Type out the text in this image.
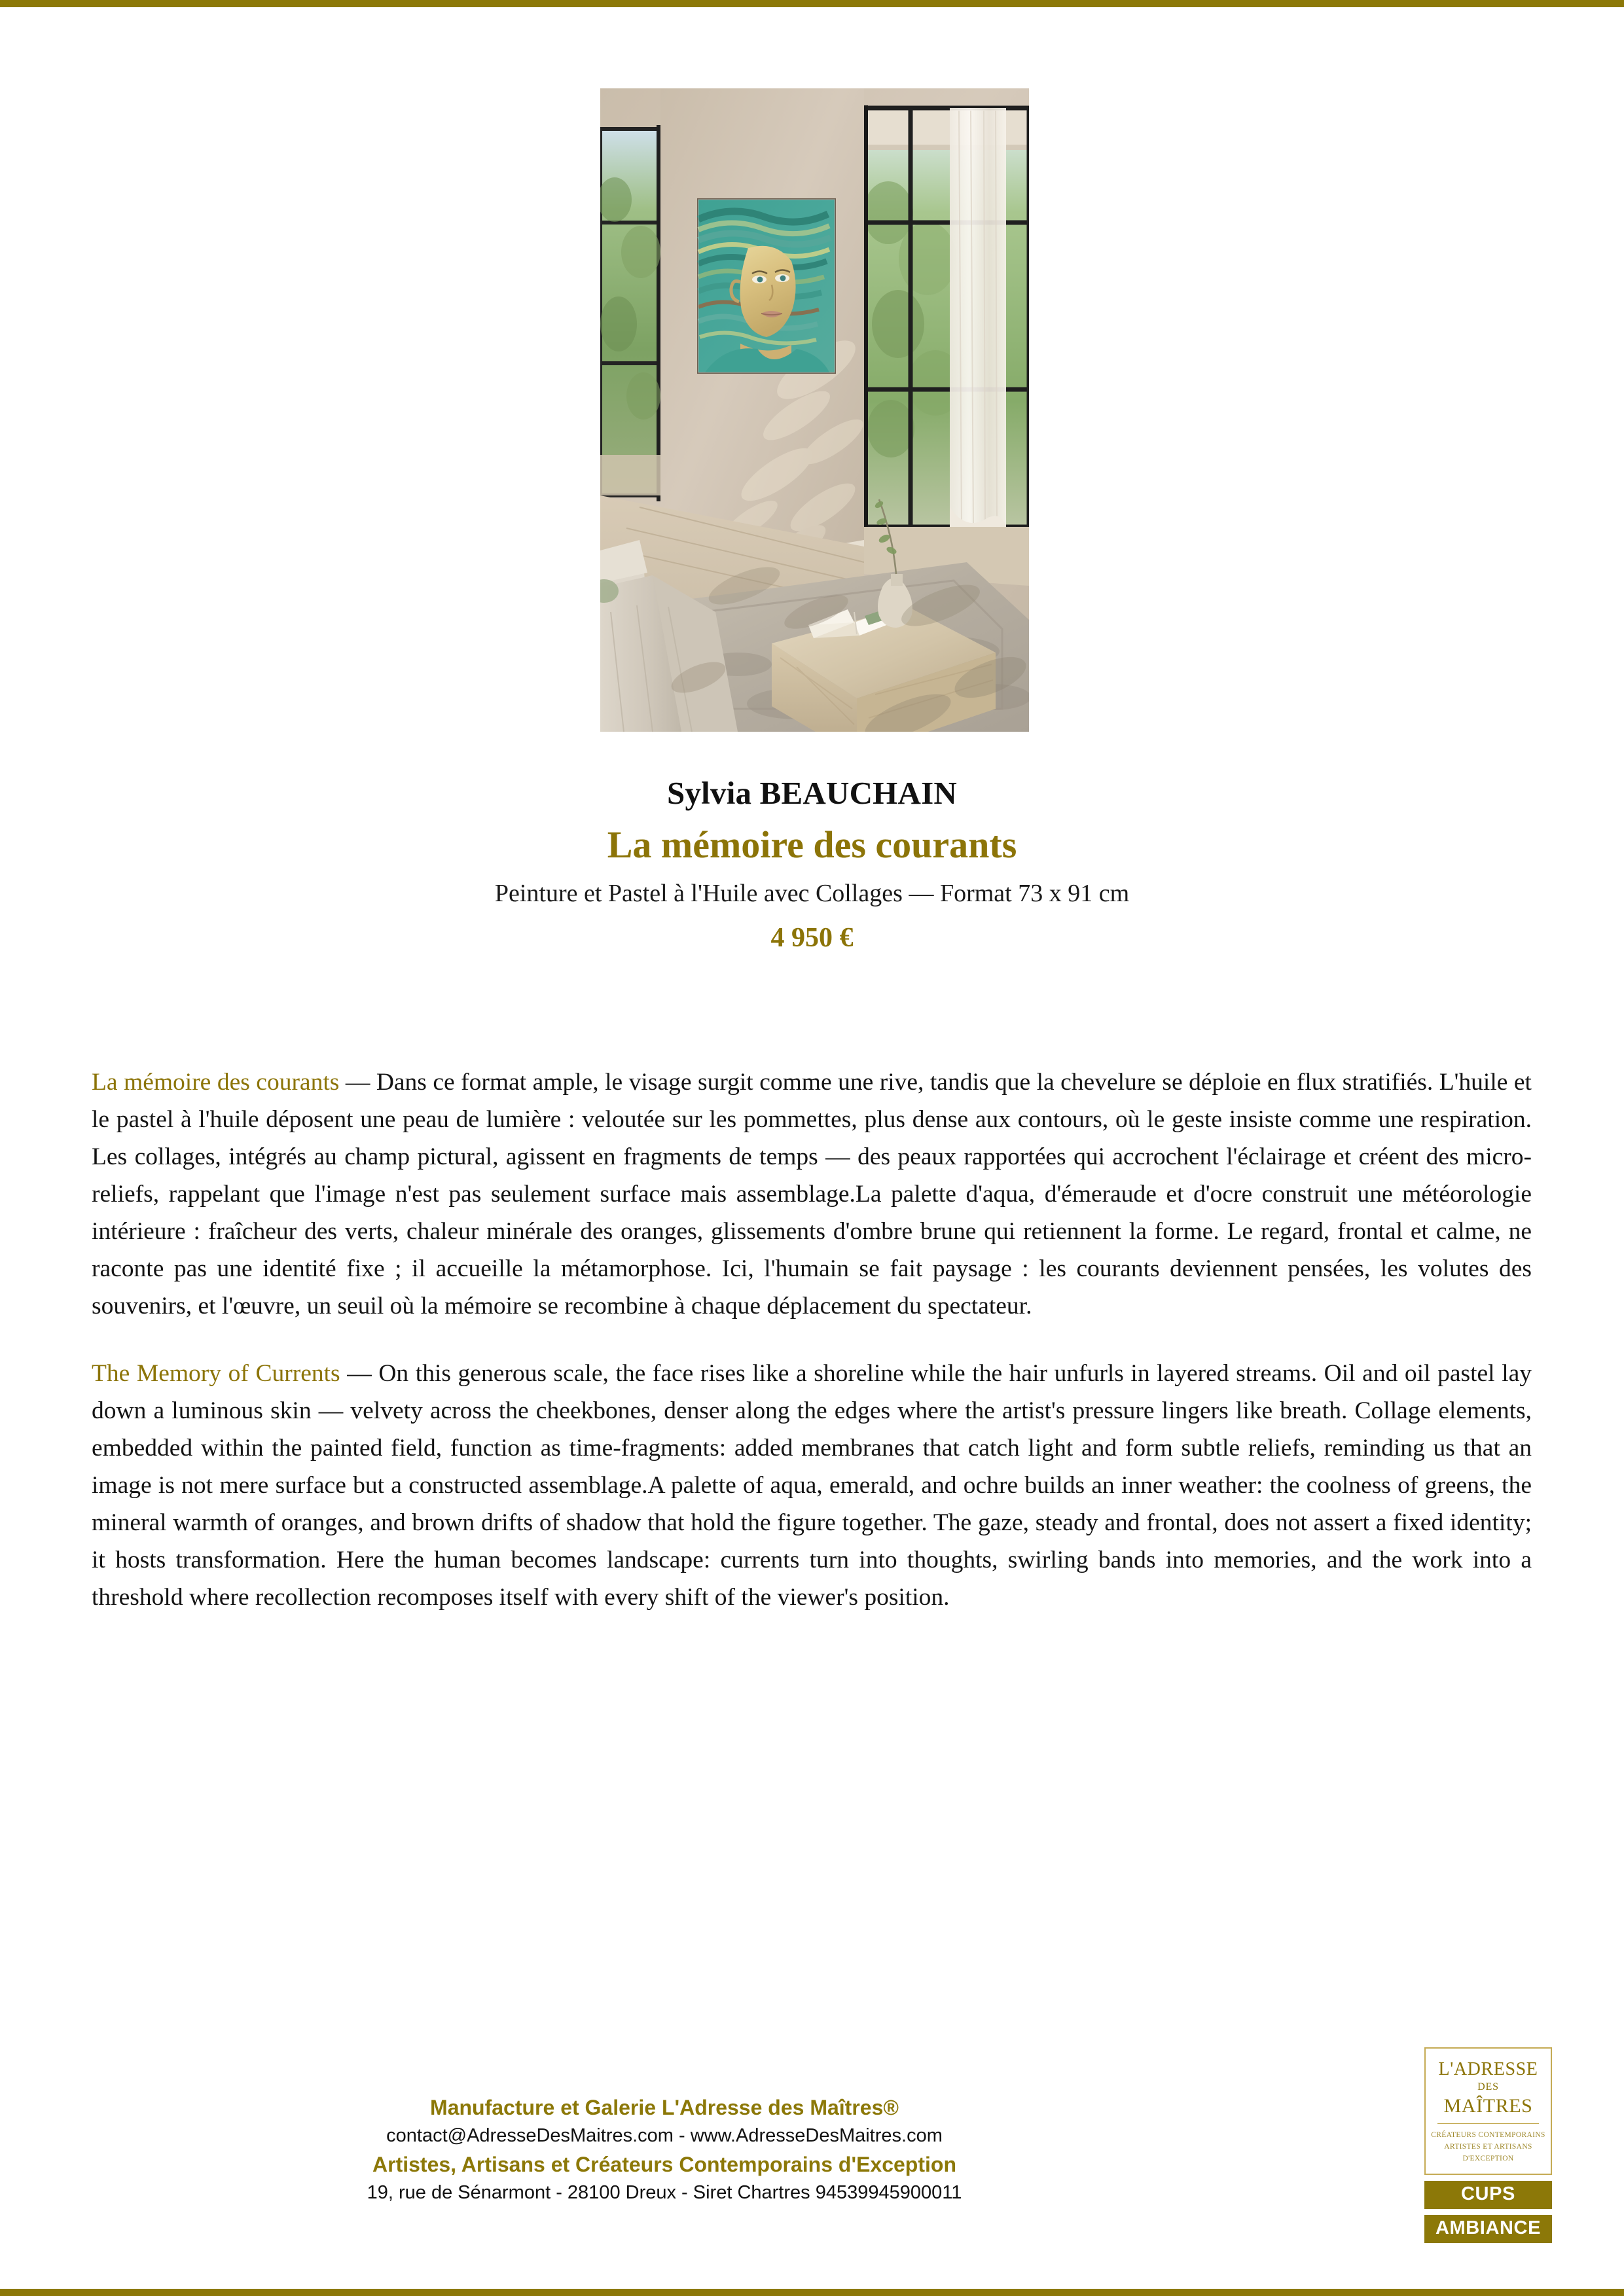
Sylvia BEAUCHAIN
La mémoire des courants
Peinture et Pastel à l'Huile avec Collages — Format 73 x 91 cm
4 950 €

La mémoire des courants — Dans ce format ample, le visage surgit comme une rive, tandis que la chevelure se déploie en flux stratifiés. L'huile et le pastel à l'huile déposent une peau de lumière : veloutée sur les pommettes, plus dense aux contours, où le geste insiste comme une respiration. Les collages, intégrés au champ pictural, agissent en fragments de temps — des peaux rapportées qui accrochent l'éclairage et créent des micro-reliefs, rappelant que l'image n'est pas seulement surface mais assemblage.La palette d'aqua, d'émeraude et d'ocre construit une météorologie intérieure : fraîcheur des verts, chaleur minérale des oranges, glissements d'ombre brune qui retiennent la forme. Le regard, frontal et calme, ne raconte pas une identité fixe ; il accueille la métamorphose. Ici, l'humain se fait paysage : les courants deviennent pensées, les volutes des souvenirs, et l'œuvre, un seuil où la mémoire se recombine à chaque déplacement du spectateur.

The Memory of Currents — On this generous scale, the face rises like a shoreline while the hair unfurls in layered streams. Oil and oil pastel lay down a luminous skin — velvety across the cheekbones, denser along the edges where the artist's pressure lingers like breath. Collage elements, embedded within the painted field, function as time-fragments: added membranes that catch light and form subtle reliefs, reminding us that an image is not mere surface but a constructed assemblage.A palette of aqua, emerald, and ochre builds an inner weather: the coolness of greens, the mineral warmth of oranges, and brown drifts of shadow that hold the figure together. The gaze, steady and frontal, does not assert a fixed identity; it hosts transformation. Here the human becomes landscape: currents turn into thoughts, swirling bands into memories, and the work into a threshold where recollection recomposes itself with every shift of the viewer's position.

Manufacture et Galerie L'Adresse des Maîtres®
contact@AdresseDesMaitres.com - www.AdresseDesMaitres.com
Artistes, Artisans et Créateurs Contemporains d'Exception
19, rue de Sénarmont - 28100 Dreux - Siret Chartres 94539945900011
L'ADRESSE
DES
MAÎTRES
CRÉATEURS CONTEMPORAINS
ARTISTES ET ARTISANS
D'EXCEPTION
CUPS
AMBIANCE
